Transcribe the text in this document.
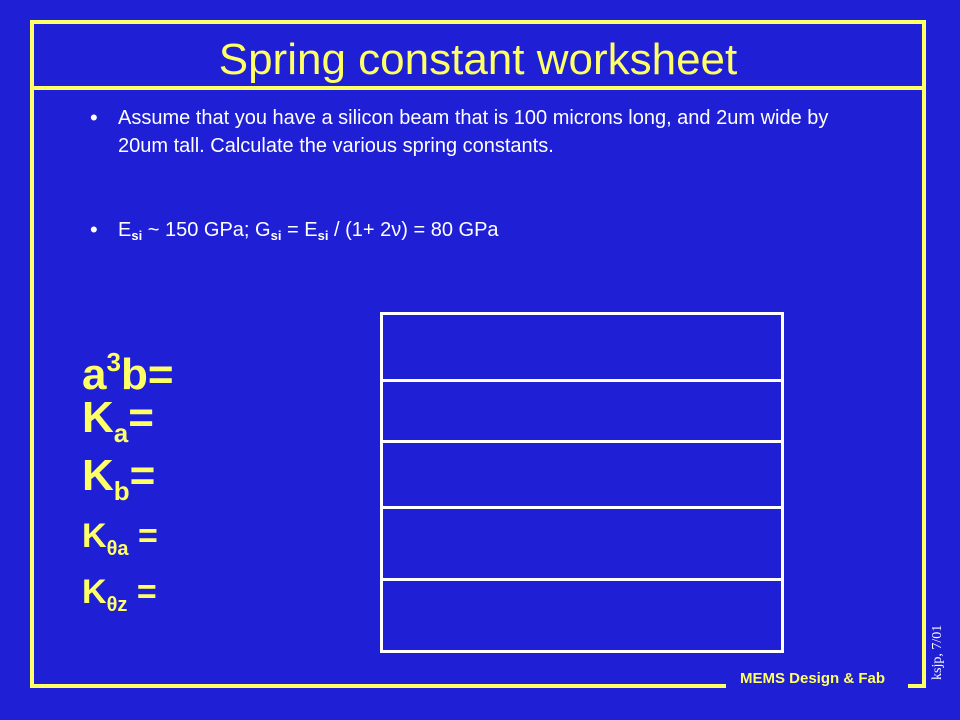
Spring constant worksheet
• Assume that you have a silicon beam that is 100 microns long, and 2um wide by 20um tall. Calculate the various spring constants.
• $E_{si}$ ~ 150 GPa; $G_{si} = E_{si} / (1+ 2\nu) = 80$ GPa
$a^3b=$
$K_a=$
$K_b=$
$K_{\theta a}$ =
$K_{\theta z}$ =
MEMS Design & Fab	ksjp, 7/01
